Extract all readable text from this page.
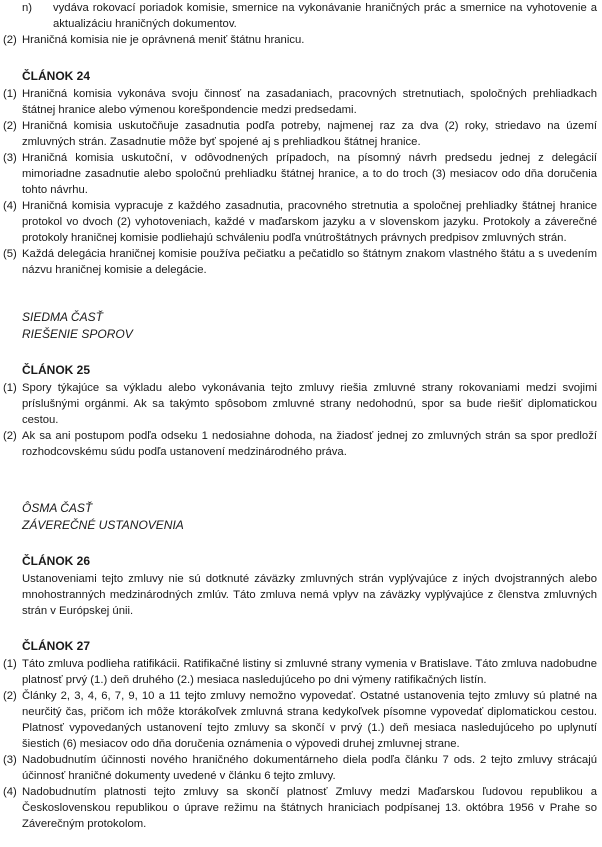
n) vydáva rokovací poriadok komisie, smernice na vykonávanie hraničných prác a smernice na vyhotovenie a aktualizáciu hraničných dokumentov.
(2) Hraničná komisia nie je oprávnená meniť štátnu hranicu.
ČLÁNOK 24
(1) Hraničná komisia vykonáva svoju činnosť na zasadaniach, pracovných stretnutiach, spoločných prehliadkach štátnej hranice alebo výmenou korešpondencie medzi predsedami.
(2) Hraničná komisia uskutočňuje zasadnutia podľa potreby, najmenej raz za dva (2) roky, striedavo na území zmluvných strán. Zasadnutie môže byť spojené aj s prehliadkou štátnej hranice.
(3) Hraničná komisia uskutoční, v odôvodnených prípadoch, na písomný návrh predsedu jednej z delegácií mimoriadne zasadnutie alebo spoločnú prehliadku štátnej hranice, a to do troch (3) mesiacov odo dňa doručenia tohto návrhu.
(4) Hraničná komisia vypracuje z každého zasadnutia, pracovného stretnutia a spoločnej prehliadky štátnej hranice protokol vo dvoch (2) vyhotoveniach, každé v maďarskom jazyku a v slovenskom jazyku. Protokoly a záverečné protokoly hraničnej komisie podliehajú schváleniu podľa vnútroštátnych právnych predpisov zmluvných strán.
(5) Každá delegácia hraničnej komisie používa pečiatku a pečatidlo so štátnym znakom vlastného štátu a s uvedením názvu hraničnej komisie a delegácie.
SIEDMA ČASŤ
RIEŠENIE SPOROV
ČLÁNOK 25
(1) Spory týkajúce sa výkladu alebo vykonávania tejto zmluvy riešia zmluvné strany rokovaniami medzi svojimi príslušnými orgánmi. Ak sa takýmto spôsobom zmluvné strany nedohodnú, spor sa bude riešiť diplomatickou cestou.
(2) Ak sa ani postupom podľa odseku 1 nedosiahne dohoda, na žiadosť jednej zo zmluvných strán sa spor predloží rozhodcovskému súdu podľa ustanovení medzinárodného práva.
ÔSMA ČASŤ
ZÁVEREČNÉ USTANOVENIA
ČLÁNOK 26
Ustanoveniami tejto zmluvy nie sú dotknuté záväzky zmluvných strán vyplývajúce z iných dvojstranných alebo mnohostranných medzinárodných zmlúv. Táto zmluva nemá vplyv na záväzky vyplývajúce z členstva zmluvných strán v Európskej únii.
ČLÁNOK 27
(1) Táto zmluva podlieha ratifikácii. Ratifikačné listiny si zmluvné strany vymenia v Bratislave. Táto zmluva nadobudne platnosť prvý (1.) deň druhého (2.) mesiaca nasledujúceho po dni výmeny ratifikačných listín.
(2) Články 2, 3, 4, 6, 7, 9, 10 a 11 tejto zmluvy nemožno vypovedať. Ostatné ustanovenia tejto zmluvy sú platné na neurčitý čas, pričom ich môže ktorákoľvek zmluvná strana kedykoľvek písomne vypovedať diplomatickou cestou. Platnosť vypovedaných ustanovení tejto zmluvy sa skončí v prvý (1.) deň mesiaca nasledujúceho po uplynutí šiestich (6) mesiacov odo dňa doručenia oznámenia o výpovedi druhej zmluvnej strane.
(3) Nadobudnutím účinnosti nového hraničného dokumentárneho diela podľa článku 7 ods. 2 tejto zmluvy strácajú účinnosť hraničné dokumenty uvedené v článku 6 tejto zmluvy.
(4) Nadobudnutím platnosti tejto zmluvy sa skončí platnosť Zmluvy medzi Maďarskou ľudovou republikou a Československou republikou o úprave režimu na štátnych hraniciach podpísanej 13. októbra 1956 v Prahe so Záverečným protokolom.
